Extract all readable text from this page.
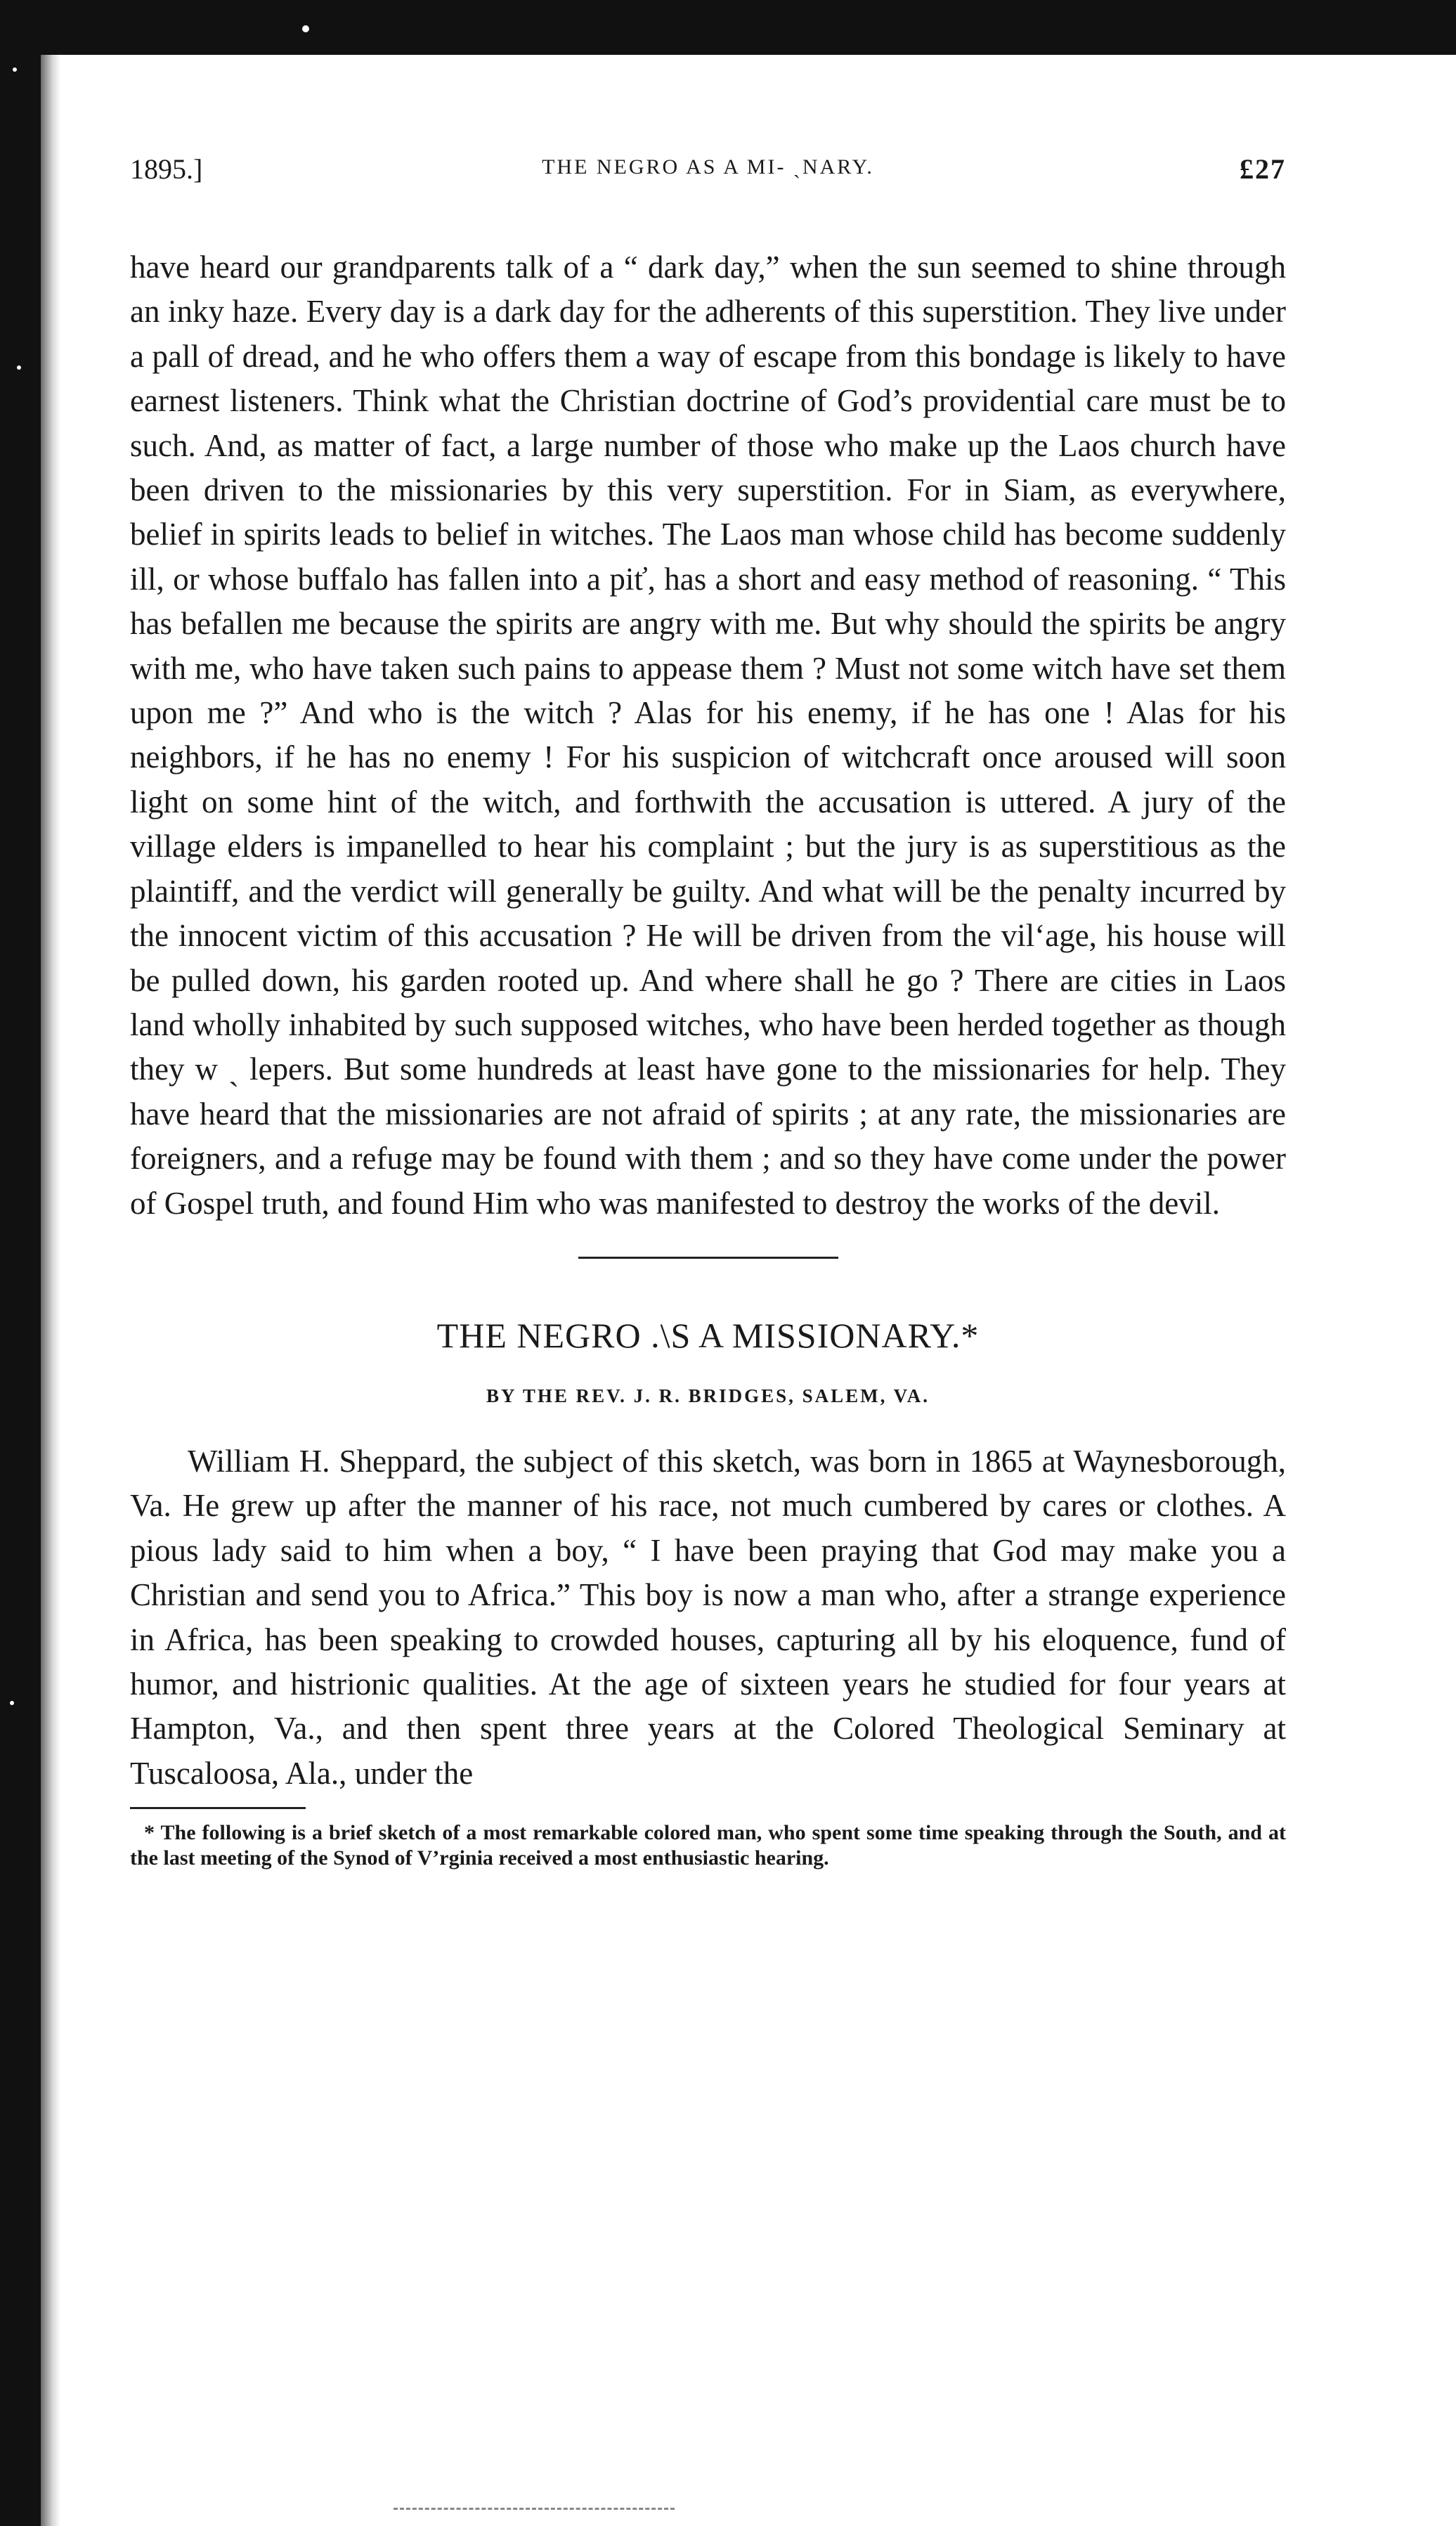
1895.]	THE NEGRO AS A MI‐ ˏNARY.	£27

have heard our grandparents talk of a “ dark day,” when the sun seemed to shine through an inky haze. Every day is a dark day for the adherents of this superstition. They live under a pall of dread, and he who offers them a way of escape from this bondage is likely to have earnest listeners. Think what the Christian doctrine of God’s providential care must be to such. And, as matter of fact, a large number of those who make up the Laos church have been driven to the missionaries by this very superstition. For in Siam, as everywhere, belief in spirits leads to belief in witches. The Laos man whose child has become suddenly ill, or whose buffalo has fallen into a piť, has a short and easy method of reasoning. “ This has befallen me because the spirits are angry with me. But why should the spirits be angry with me, who have taken such pains to appease them ? Must not some witch have set them upon me ?” And who is the witch ? Alas for his enemy, if he has one ! Alas for his neighbors, if he has no enemy ! For his suspicion of witchcraft once aroused will soon light on some hint of the witch, and forthwith the accusation is uttered. A jury of the village elders is impanelled to hear his complaint ; but the jury is as superstitious as the plaintiff, and the verdict will generally be guilty. And what will be the penalty incurred by the innocent victim of this accusation ? He will be driven from the vil‘age, his house will be pulled down, his garden rooted up. And where shall he go ? There are cities in Laos land wholly inhabited by such supposed witches, who have been herded together as though they w ˏ lepers. But some hundreds at least have gone to the missionaries for help. They have heard that the missionaries are not afraid of spirits ; at any rate, the missionaries are foreigners, and a refuge may be found with them ; and so they have come under the power of Gospel truth, and found Him who was manifested to destroy the works of the devil.

THE NEGRO .\S A MISSIONARY.*
BY THE REV. J. R. BRIDGES, SALEM, VA.
William H. Sheppard, the subject of this sketch, was born in 1865 at Waynesborough, Va. He grew up after the manner of his race, not much cumbered by cares or clothes. A pious lady said to him when a boy, “ I have been praying that God may make you a Christian and send you to Africa.” This boy is now a man who, after a strange experience in Africa, has been speaking to crowded houses, capturing all by his eloquence, fund of humor, and histrionic qualities. At the age of sixteen years he studied for four years at Hampton, Va., and then spent three years at the Colored Theological Seminary at Tuscaloosa, Ala., under the
* The following is a brief sketch of a most remarkable colored man, who spent some time speaking through the South, and at the last meeting of the Synod of V’rginia received a most enthusiastic hearing.
